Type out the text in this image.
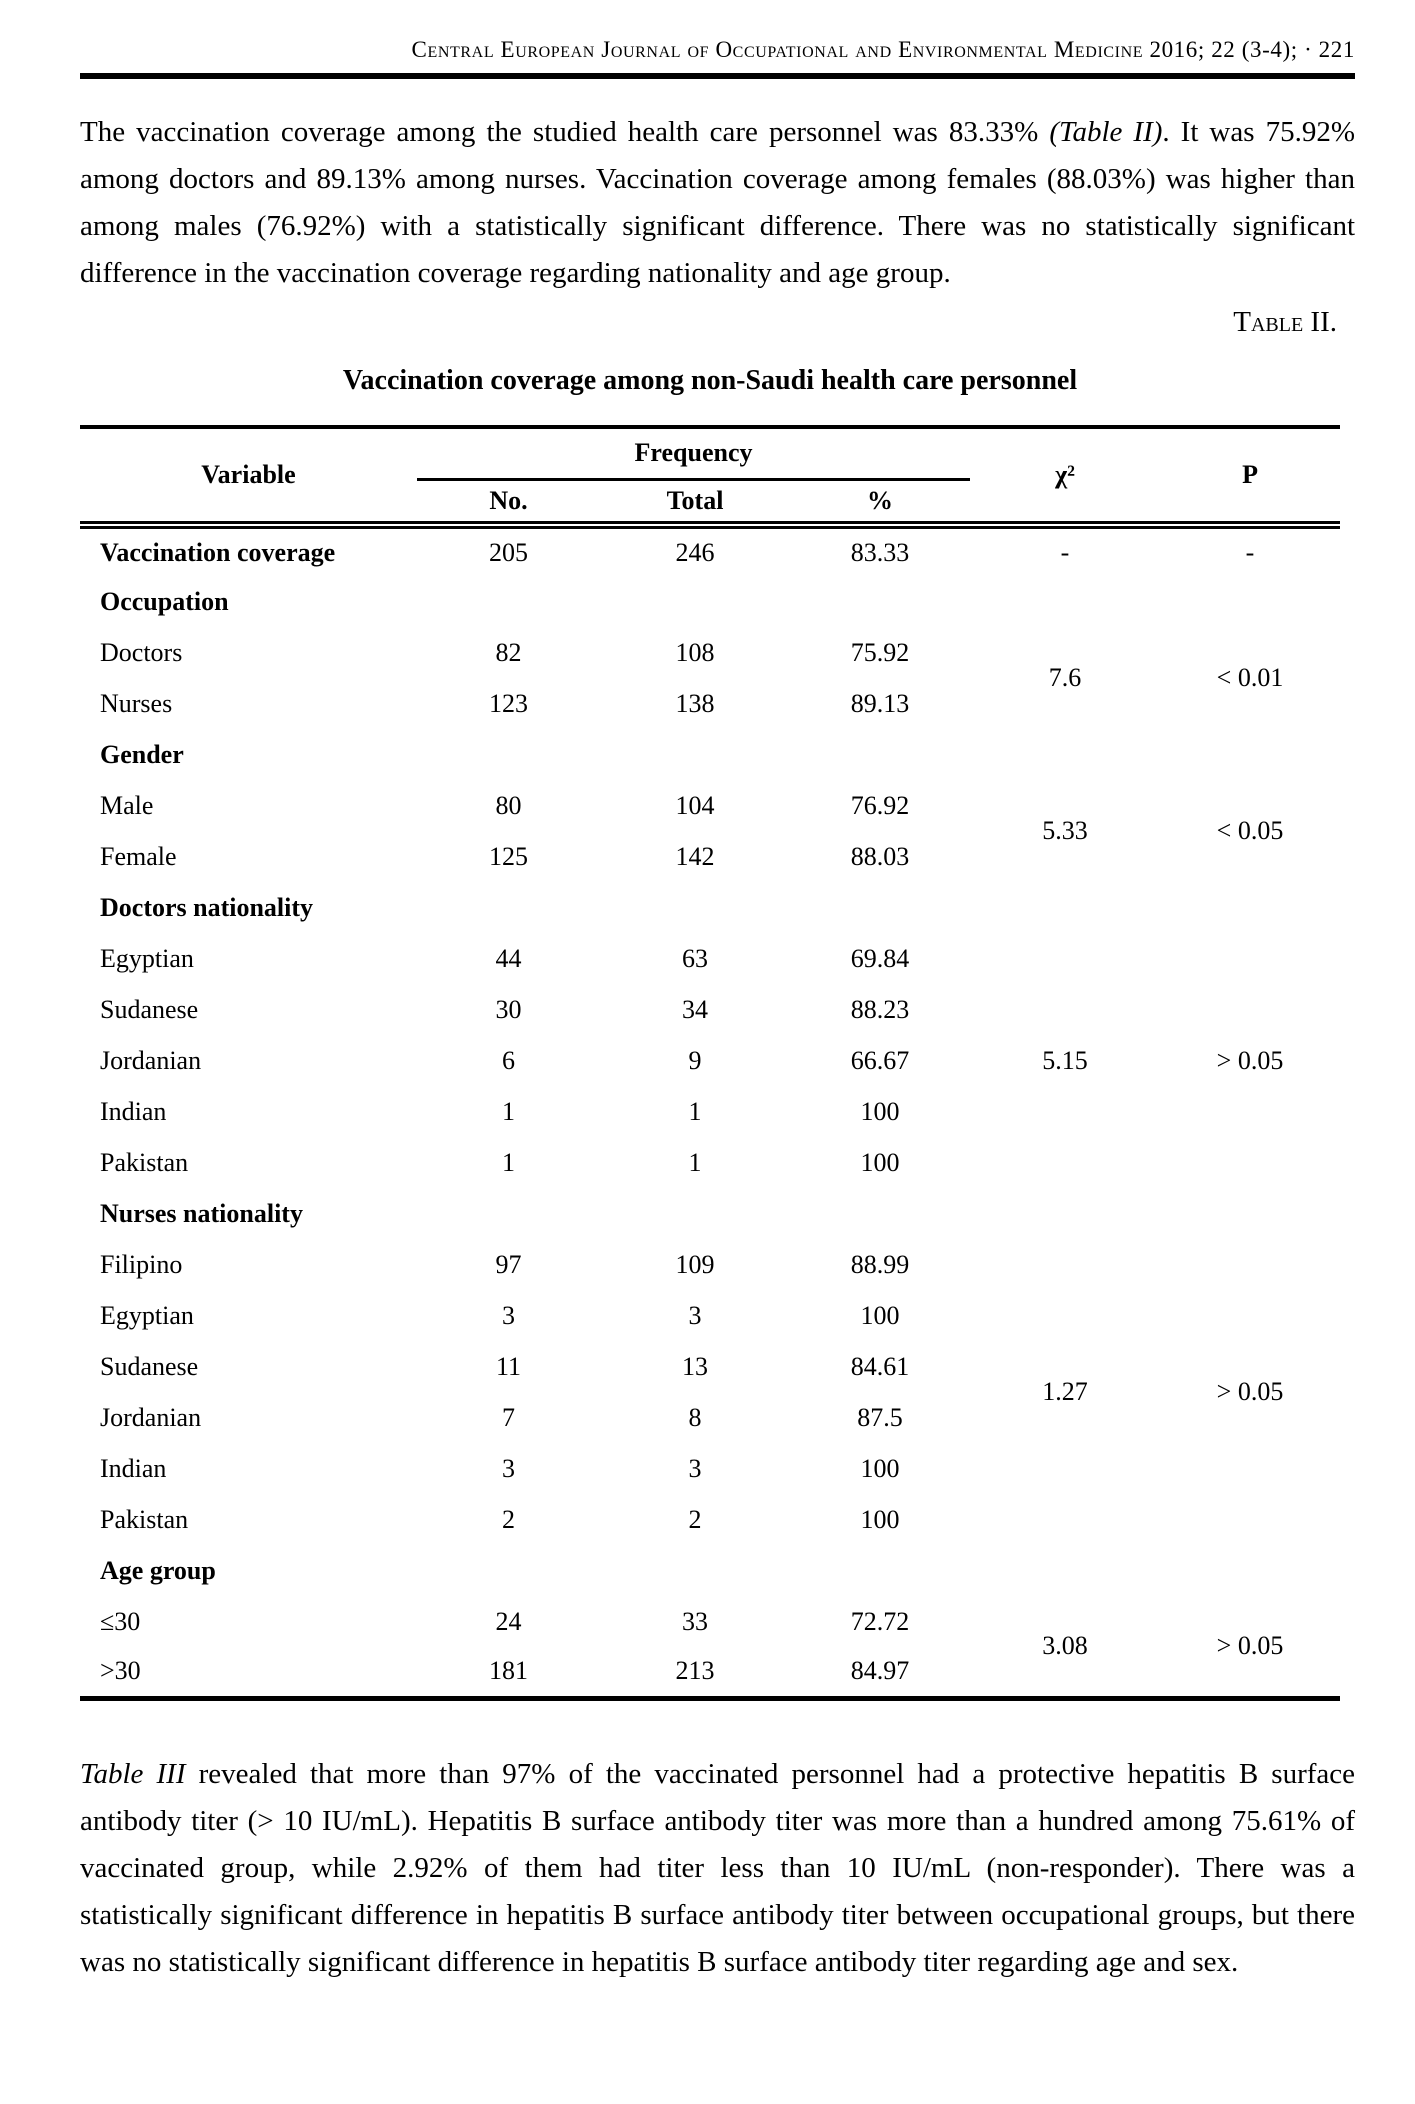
Central European Journal of Occupational and Environmental Medicine 2016; 22 (3-4); · 221

The vaccination coverage among the studied health care personnel was 83.33% (Table II). It was 75.92% among doctors and 89.13% among nurses. Vaccination coverage among females (88.03%) was higher than among males (76.92%) with a statistically significant difference. There was no statistically significant difference in the vaccination coverage regarding nationality and age group.

Table II.
Vaccination coverage among non-Saudi health care personnel
Variable	Frequency			χ²	P
	No.	Total	%		
Vaccination coverage	205	246	83.33	-	-
Occupation					
Doctors	82	108	75.92	7.6	< 0.01
Nurses	123	138	89.13		
Gender					
Male	80	104	76.92	5.33	< 0.05
Female	125	142	88.03		
Doctors nationality					
Egyptian	44	63	69.84	5.15	> 0.05
Sudanese	30	34	88.23		
Jordanian	6	9	66.67		
Indian	1	1	100		
Pakistan	1	1	100		
Nurses nationality					
Filipino	97	109	88.99	1.27	> 0.05
Egyptian	3	3	100		
Sudanese	11	13	84.61		
Jordanian	7	8	87.5		
Indian	3	3	100		
Pakistan	2	2	100		
Age group					
≤30	24	33	72.72	3.08	> 0.05
>30	181	213	84.97		

Table III revealed that more than 97% of the vaccinated personnel had a protective hepatitis B surface antibody titer (> 10 IU/mL). Hepatitis B surface antibody titer was more than a hundred among 75.61% of vaccinated group, while 2.92% of them had titer less than 10 IU/mL (non-responder). There was a statistically significant difference in hepatitis B surface antibody titer between occupational groups, but there was no statistically significant difference in hepatitis B surface antibody titer regarding age and sex.
